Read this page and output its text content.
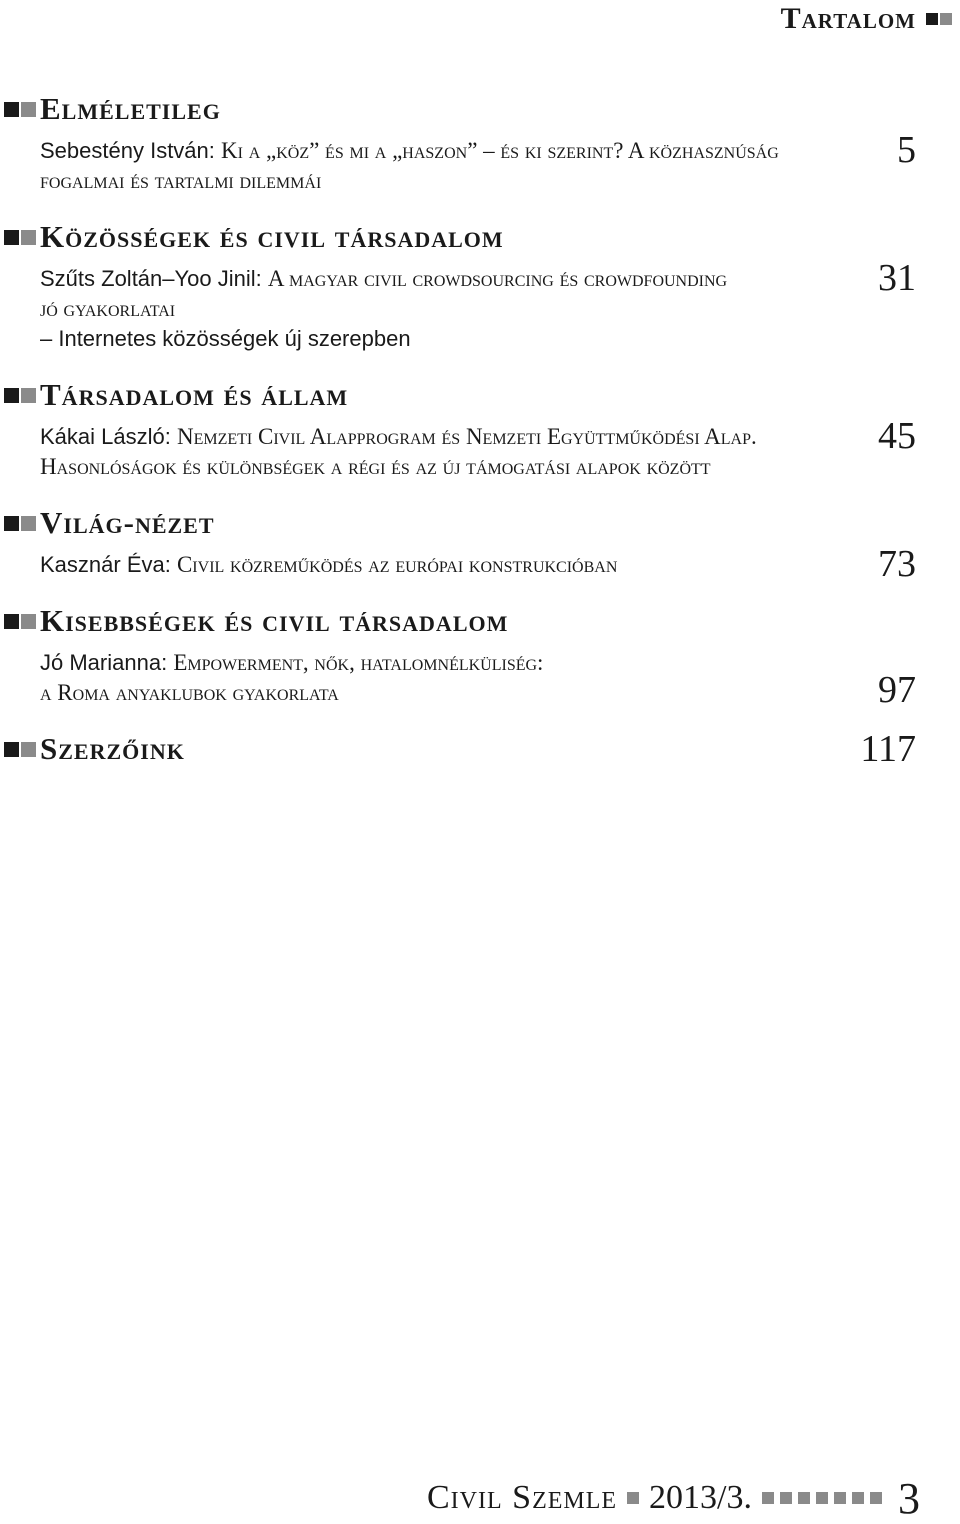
Tartalom
Elméletileg
Sebestény István: Ki a „köz” és mi a „haszon” – és ki szerint? A közhasznúság
fogalmai és tartalmi dilemmái
5
Közösségek és civil társadalom
Szűts Zoltán–Yoo Jinil: A magyar civil crowdsourcing és crowdfounding
jó gyakorlatai
– Internetes közösségek új szerepben
31
Társadalom és állam
Kákai László: Nemzeti Civil Alapprogram és Nemzeti Együttműködési Alap.
Hasonlóságok és különbségek a régi és az új támogatási alapok között
45
Világ-nézet
Kasznár Éva: Civil közreműködés az európai konstrukcióban	73
Kisebbségek és civil társadalom
Jó Marianna: Empowerment, nők, hatalomnélküliség:
a Roma anyaklubok gyakorlata	97
Szerzőink	117
Civil Szemle 2013/3.	3
